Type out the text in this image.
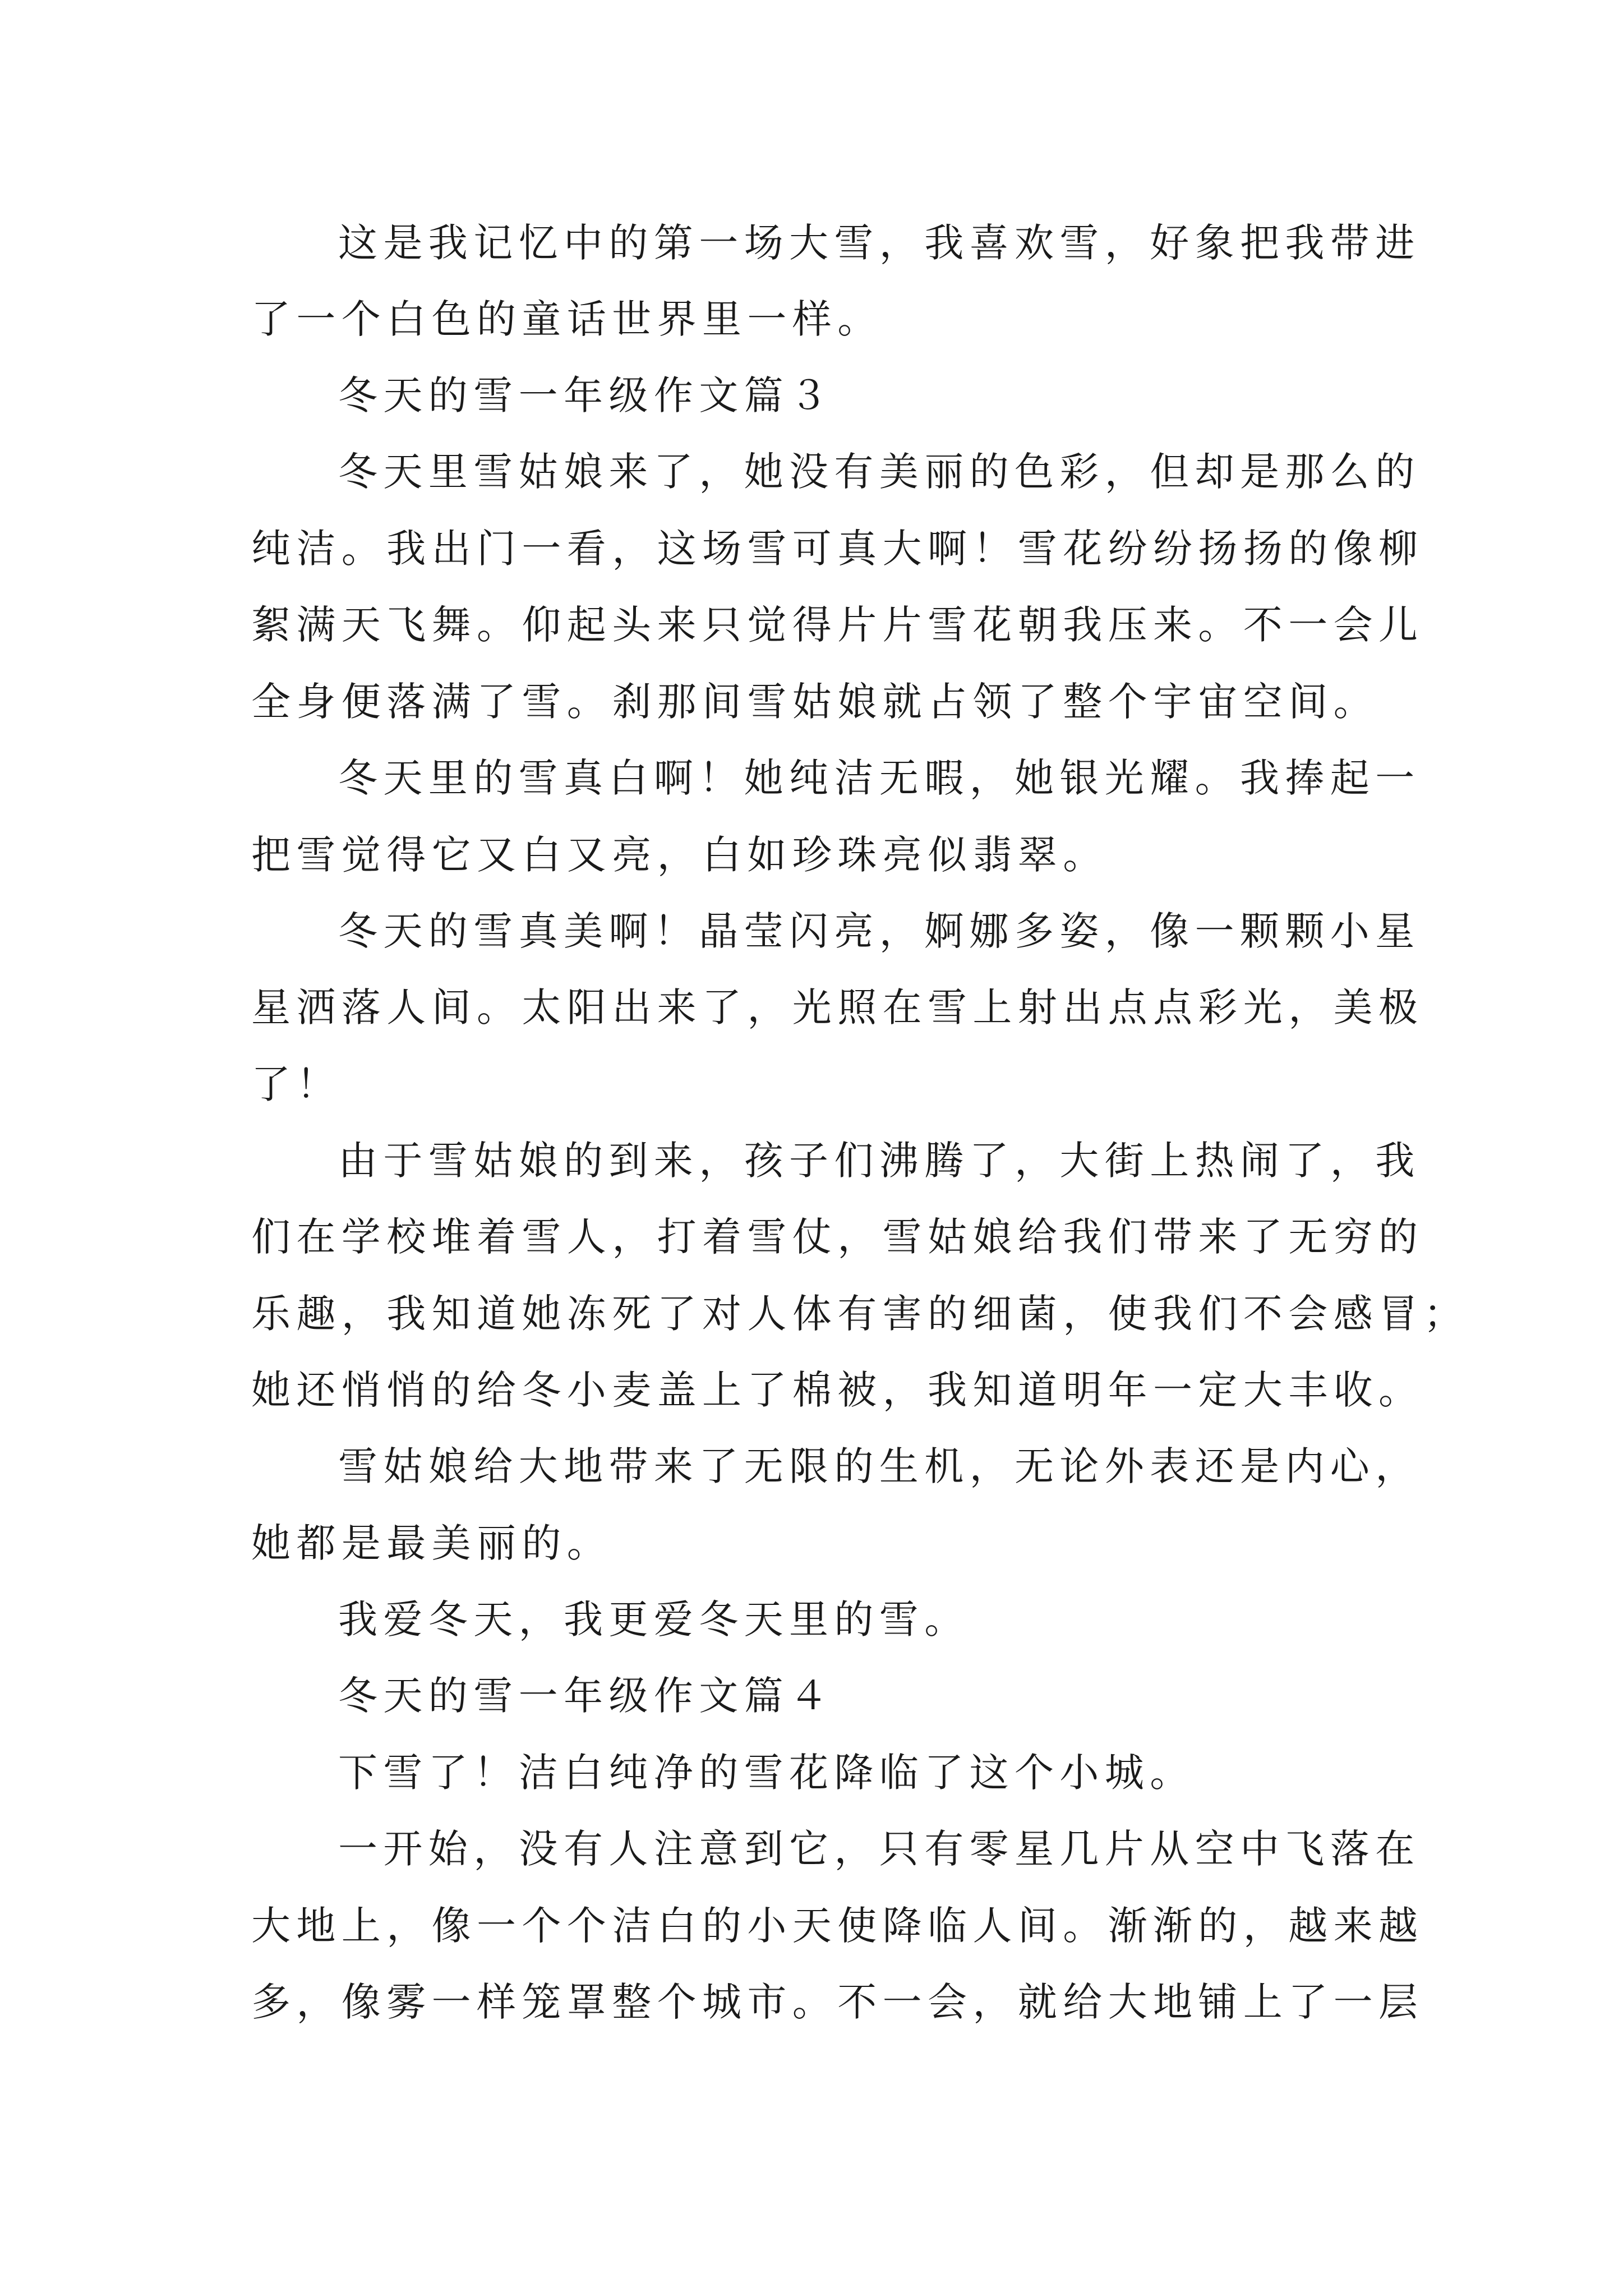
这是我记忆中的第一场大雪，我喜欢雪，好象把我带进
了一个白色的童话世界里一样。
冬天的雪一年级作文篇３
冬天里雪姑娘来了，她没有美丽的色彩，但却是那么的
纯洁。我出门一看，这场雪可真大啊！雪花纷纷扬扬的像柳
絮满天飞舞。仰起头来只觉得片片雪花朝我压来。不一会儿
全身便落满了雪。刹那间雪姑娘就占领了整个宇宙空间。
冬天里的雪真白啊！她纯洁无暇，她银光耀。我捧起一
把雪觉得它又白又亮，白如珍珠亮似翡翠。
冬天的雪真美啊！晶莹闪亮，婀娜多姿，像一颗颗小星
星洒落人间。太阳出来了，光照在雪上射出点点彩光，美极
了！
由于雪姑娘的到来，孩子们沸腾了，大街上热闹了，我
们在学校堆着雪人，打着雪仗，雪姑娘给我们带来了无穷的
乐趣，我知道她冻死了对人体有害的细菌，使我们不会感冒；
她还悄悄的给冬小麦盖上了棉被，我知道明年一定大丰收。
雪姑娘给大地带来了无限的生机，无论外表还是内心，
她都是最美丽的。
我爱冬天，我更爱冬天里的雪。
冬天的雪一年级作文篇４
下雪了！洁白纯净的雪花降临了这个小城。
一开始，没有人注意到它，只有零星几片从空中飞落在
大地上，像一个个洁白的小天使降临人间。渐渐的，越来越
多，像雾一样笼罩整个城市。不一会，就给大地铺上了一层
